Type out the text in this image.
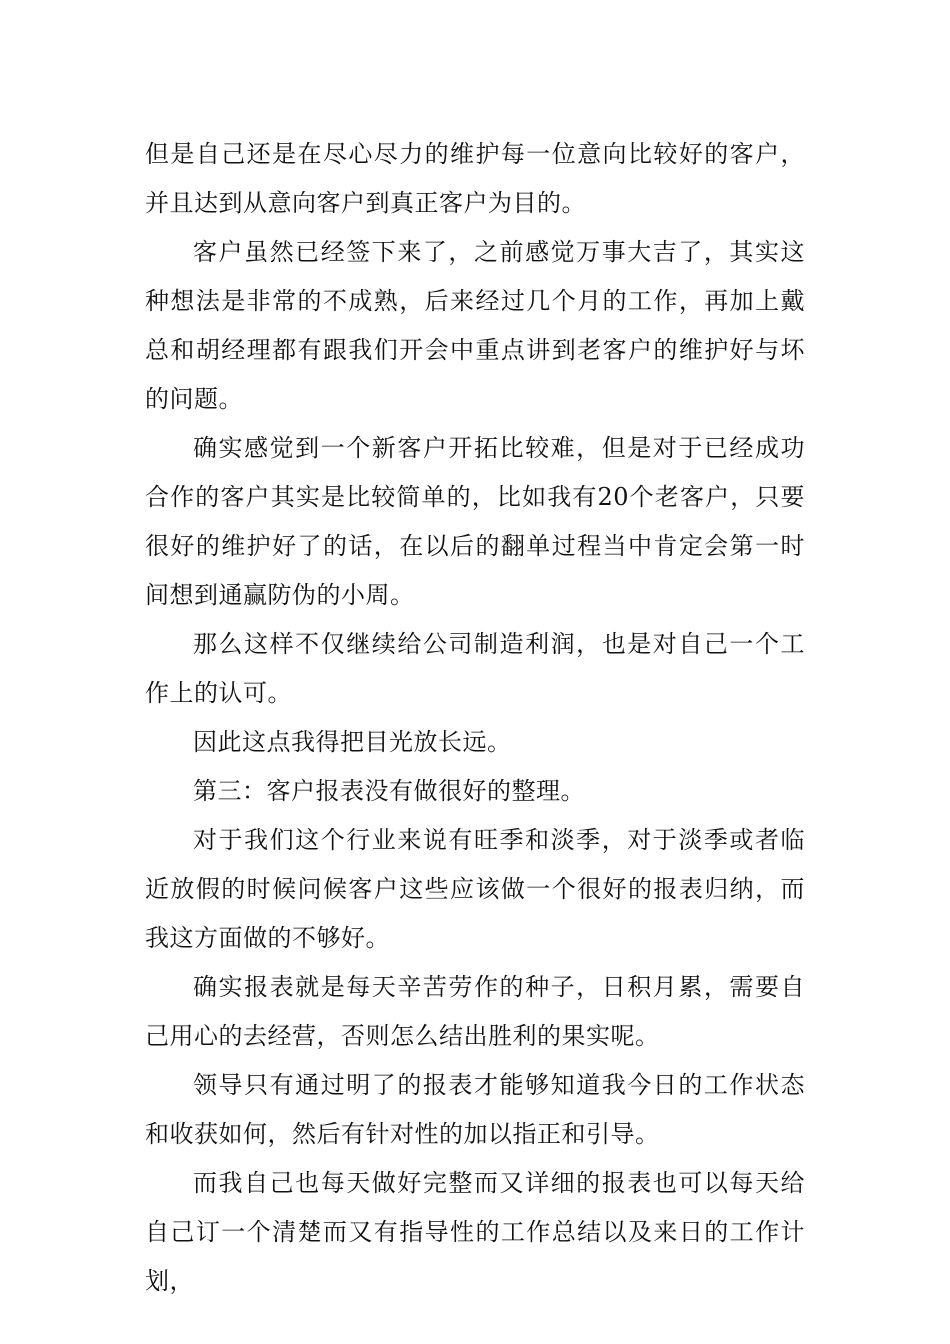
但是自己还是在尽心尽力的维护每一位意向比较好的客户，并且达到从意向客户到真正客户为目的。

客户虽然已经签下来了，之前感觉万事大吉了，其实这种想法是非常的不成熟，后来经过几个月的工作，再加上戴总和胡经理都有跟我们开会中重点讲到老客户的维护好与坏的问题。

确实感觉到一个新客户开拓比较难，但是对于已经成功合作的客户其实是比较简单的，比如我有20个老客户，只要很好的维护好了的话，在以后的翻单过程当中肯定会第一时间想到通赢防伪的小周。

那么这样不仅继续给公司制造利润，也是对自己一个工作上的认可。

因此这点我得把目光放长远。

第三：客户报表没有做很好的整理。

对于我们这个行业来说有旺季和淡季，对于淡季或者临近放假的时候问候客户这些应该做一个很好的报表归纳，而我这方面做的不够好。

确实报表就是每天辛苦劳作的种子，日积月累，需要自己用心的去经营，否则怎么结出胜利的果实呢。

领导只有通过明了的报表才能够知道我今日的工作状态和收获如何，然后有针对性的加以指正和引导。

而我自己也每天做好完整而又详细的报表也可以每天给自己订一个清楚而又有指导性的工作总结以及来日的工作计划，
